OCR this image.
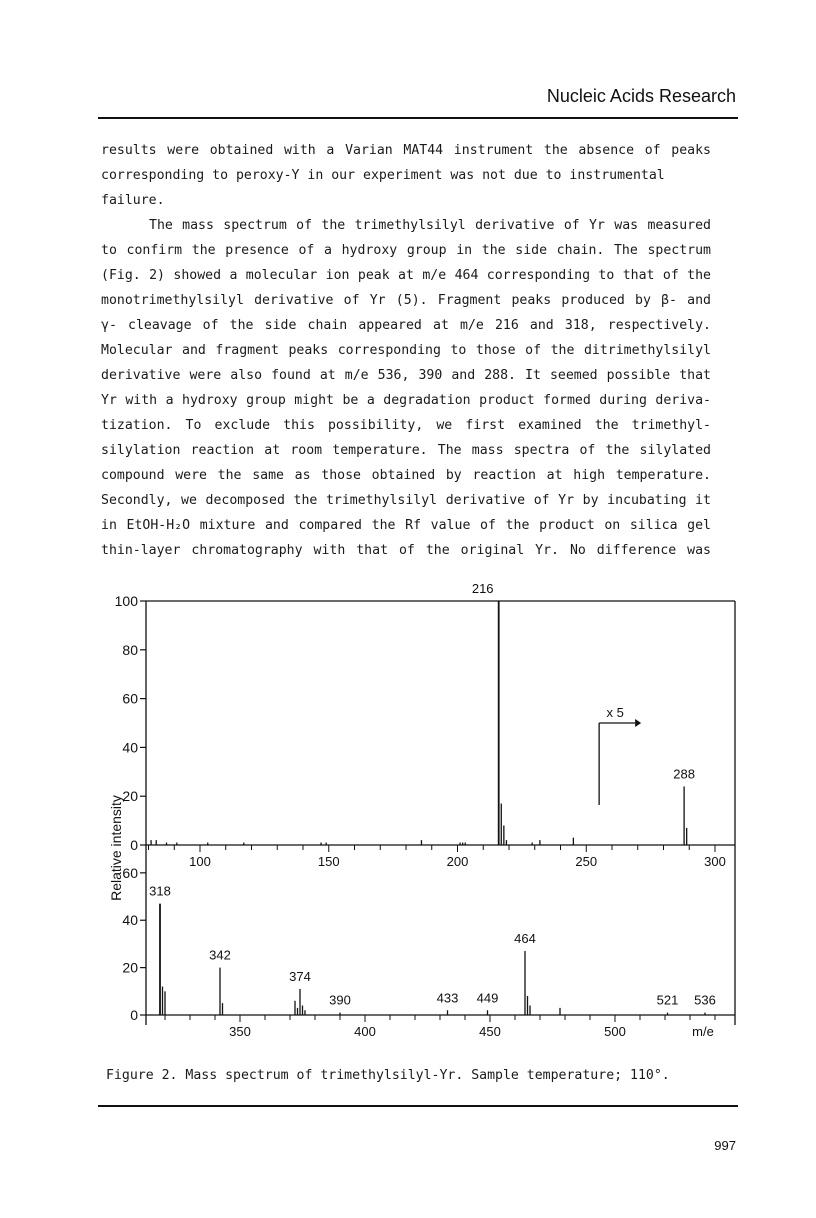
Nucleic Acids Research

results were obtained with a Varian MAT44 instrument the absence of peaks
corresponding to peroxy-Y in our experiment was not due to instrumental
failure.

The mass spectrum of the trimethylsilyl derivative of Yr was measured
to confirm the presence of a hydroxy group in the side chain. The spectrum
(Fig. 2) showed a molecular ion peak at m/e 464 corresponding to that of the
monotrimethylsilyl derivative of Yr (5). Fragment peaks produced by β- and
γ- cleavage of the side chain appeared at m/e 216 and 318, respectively.
Molecular and fragment peaks corresponding to those of the ditrimethylsilyl
derivative were also found at m/e 536, 390 and 288. It seemed possible that
Yr with a hydroxy group might be a degradation product formed during deriva-
tization. To exclude this possibility, we first examined the trimethyl-
silylation reaction at room temperature. The mass spectra of the silylated
compound were the same as those obtained by reaction at high temperature.
Secondly, we decomposed the trimethylsilyl derivative of Yr by incubating it
in EtOH-H₂O mixture and compared the Rf value of the product on silica gel
thin-layer chromatography with that of the original Yr. No difference was

Relative intensity 0
20
40
60
80
100
100	150	200	250	300
216
288
x 5
0
20
40
60
350	400	450	500
318
342
374
390	433 449
464
521 536
m/e
Figure 2. Mass spectrum of trimethylsilyl-Yr. Sample temperature; 110°.
997
